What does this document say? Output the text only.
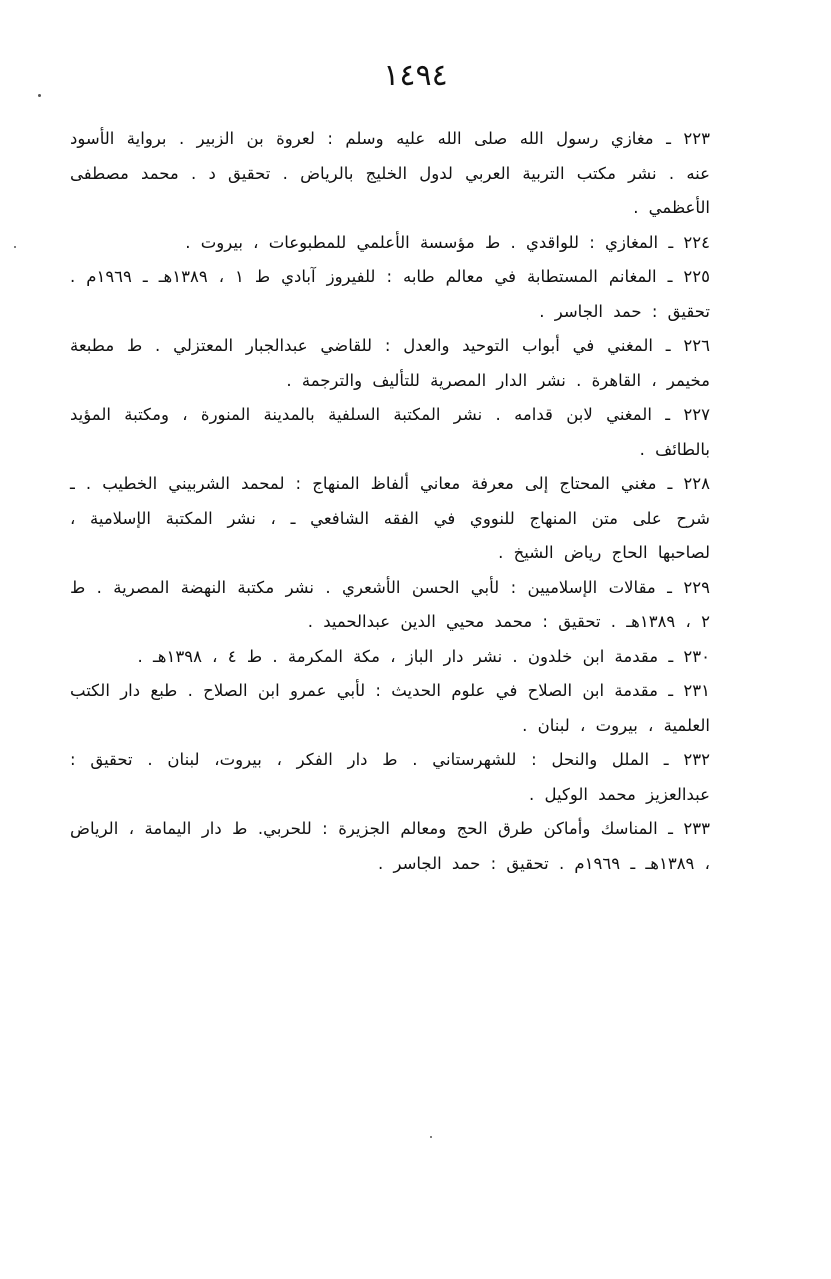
١٤٩٤

٢٢٣ ـ مغازي رسول الله صلى الله عليه وسلم : لعروة بن الزبير . برواية الأسود عنه . نشر مكتب التربية العربي لدول الخليج بالرياض . تحقيق د . محمد مصطفى الأعظمي .

٢٢٤ ـ المغازي : للواقدي . ط مؤسسة الأعلمي للمطبوعات ، بيروت .

٢٢٥ ـ المغانم المستطابة في معالم طابه : للفيروز آبادي ط ١ ، ١٣٨٩هـ ـ ١٩٦٩م . تحقيق : حمد الجاسر .

٢٢٦ ـ المغني في أبواب التوحيد والعدل : للقاضي عبدالجبار المعتزلي . ط مطبعة مخيمر ، القاهرة . نشر الدار المصرية للتأليف والترجمة .

٢٢٧ ـ المغني لابن قدامه . نشر المكتبة السلفية بالمدينة المنورة ، ومكتبة المؤيد بالطائف .

٢٢٨ ـ مغني المحتاج إلى معرفة معاني ألفاظ المنهاج : لمحمد الشربيني الخطيب . ـ شرح على متن المنهاج للنووي في الفقه الشافعي ـ ، نشر المكتبة الإسلامية ، لصاحبها الحاج رياض الشيخ .

٢٢٩ ـ مقالات الإسلاميين : لأبي الحسن الأشعري . نشر مكتبة النهضة المصرية . ط ٢ ، ١٣٨٩هـ . تحقيق : محمد محيي الدين عبدالحميد .

٢٣٠ ـ مقدمة ابن خلدون . نشر دار الباز ، مكة المكرمة . ط ٤ ، ١٣٩٨هـ .

٢٣١ ـ مقدمة ابن الصلاح في علوم الحديث : لأبي عمرو ابن الصلاح . طبع دار الكتب العلمية ، بيروت ، لبنان .

٢٣٢ ـ الملل والنحل : للشهرستاني . ط دار الفكر ، بيروت، لبنان . تحقيق : عبدالعزيز محمد الوكيل .

٢٣٣ ـ المناسك وأماكن طرق الحج ومعالم الجزيرة : للحربي. ط دار اليمامة ، الرياض ، ١٣٨٩هـ ـ ١٩٦٩م . تحقيق : حمد الجاسر .
